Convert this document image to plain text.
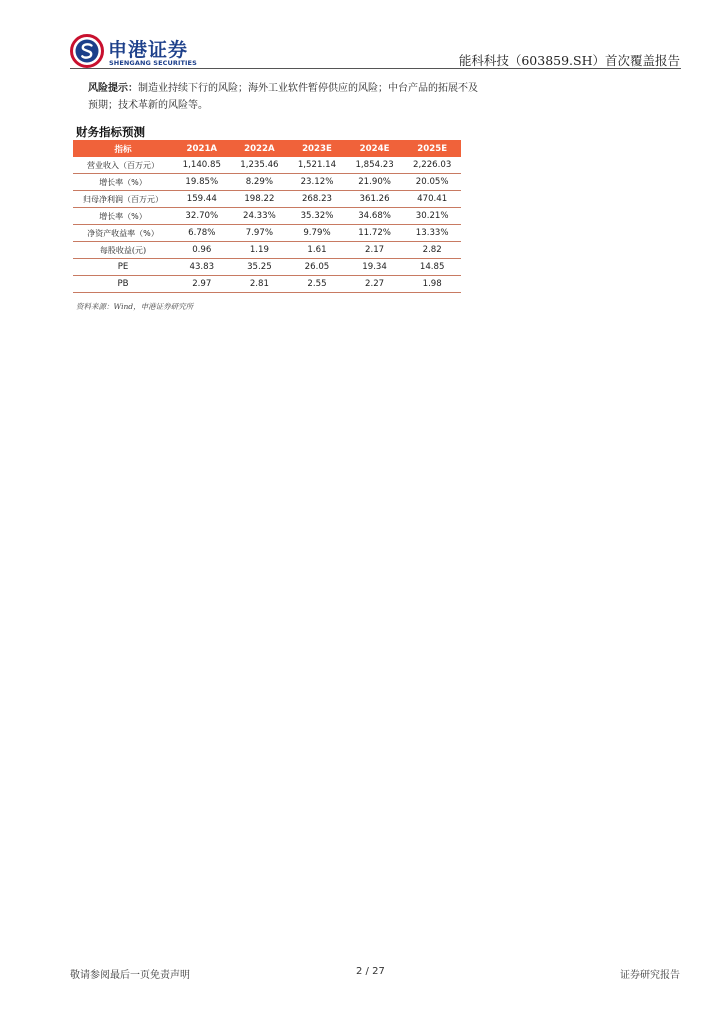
申港证券
SHENGANG SECURITIES	能科科技（603859.SH）首次覆盖报告
风险提示：制造业持续下行的风险；海外工业软件暂停供应的风险；中台产品的拓展不及预期；技术革新的风险等。
财务指标预测
指标	2021A	2022A	2023E	2024E	2025E
营业收入（百万元）	1,140.85	1,235.46	1,521.14	1,854.23	2,226.03
增长率（%）	19.85%	8.29%	23.12%	21.90%	20.05%
归母净利润（百万元）	159.44	198.22	268.23	361.26	470.41
增长率（%）	32.70%	24.33%	35.32%	34.68%	30.21%
净资产收益率（%）	6.78%	7.97%	9.79%	11.72%	13.33%
每股收益(元)	0.96	1.19	1.61	2.17	2.82
PE	43.83	35.25	26.05	19.34	14.85
PB	2.97	2.81	2.55	2.27	1.98
资料来源：Wind，申港证券研究所
敬请参阅最后一页免责声明	2 / 27	证券研究报告
